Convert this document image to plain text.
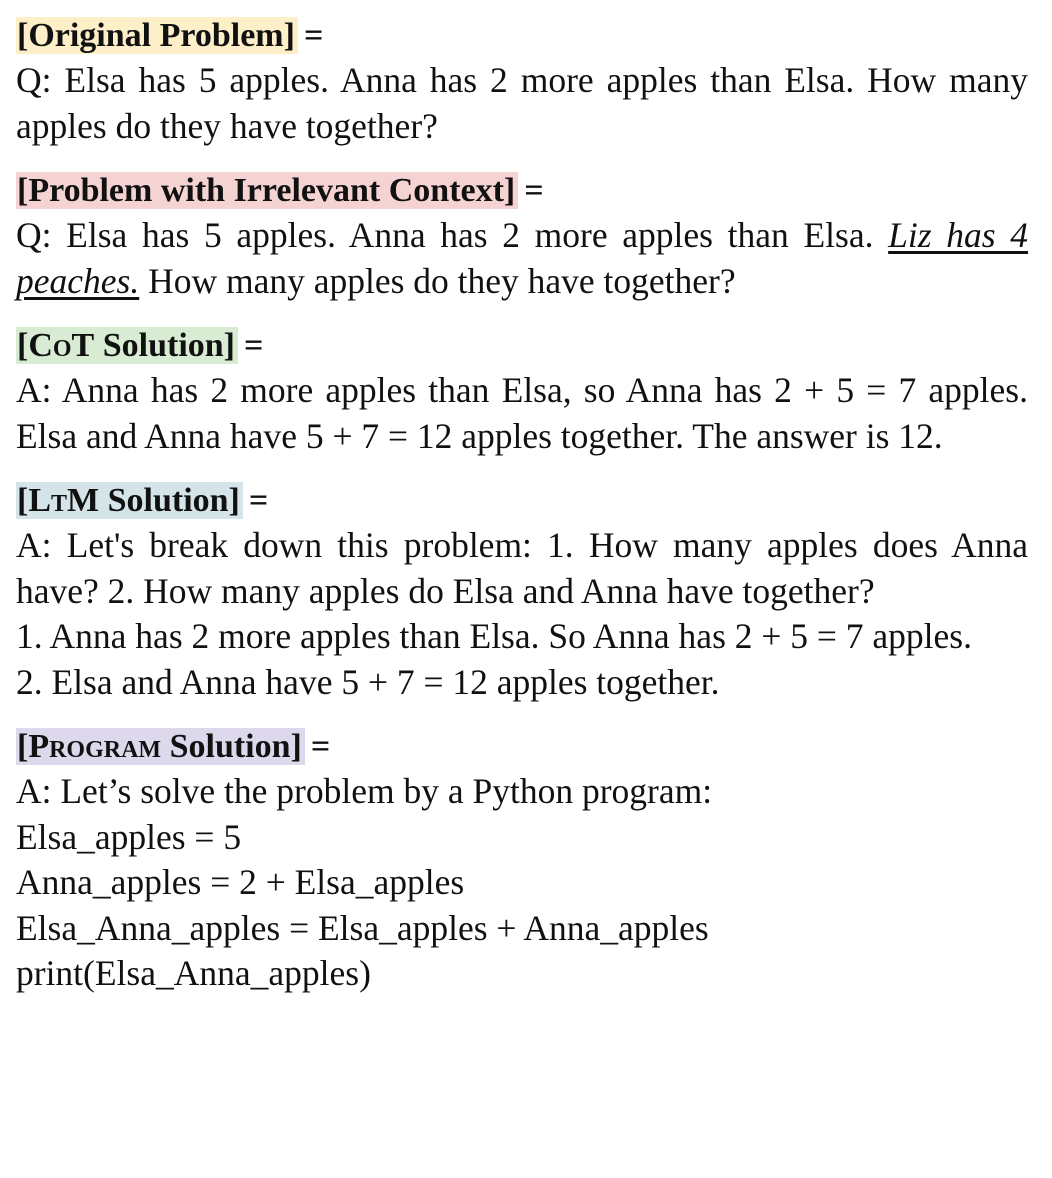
[Original Problem] =

Q: Elsa has 5 apples. Anna has 2 more apples than Elsa. How many apples do they have together?

[Problem with Irrelevant Context] =

Q: Elsa has 5 apples. Anna has 2 more apples than Elsa. Liz has 4 peaches. How many apples do they have together?

[CoT Solution] =

A: Anna has 2 more apples than Elsa, so Anna has 2 + 5 = 7 apples. Elsa and Anna have 5 + 7 = 12 apples together. The answer is 12.

[LtM Solution] =

A: Let's break down this problem: 1. How many apples does Anna have? 2. How many apples do Elsa and Anna have together?

1. Anna has 2 more apples than Elsa. So Anna has 2 + 5 = 7 apples.

2. Elsa and Anna have 5 + 7 = 12 apples together.

[Program Solution] =

A: Let’s solve the problem by a Python program:

Elsa_apples = 5

Anna_apples = 2 + Elsa_apples

Elsa_Anna_apples = Elsa_apples + Anna_apples

print(Elsa_Anna_apples)
